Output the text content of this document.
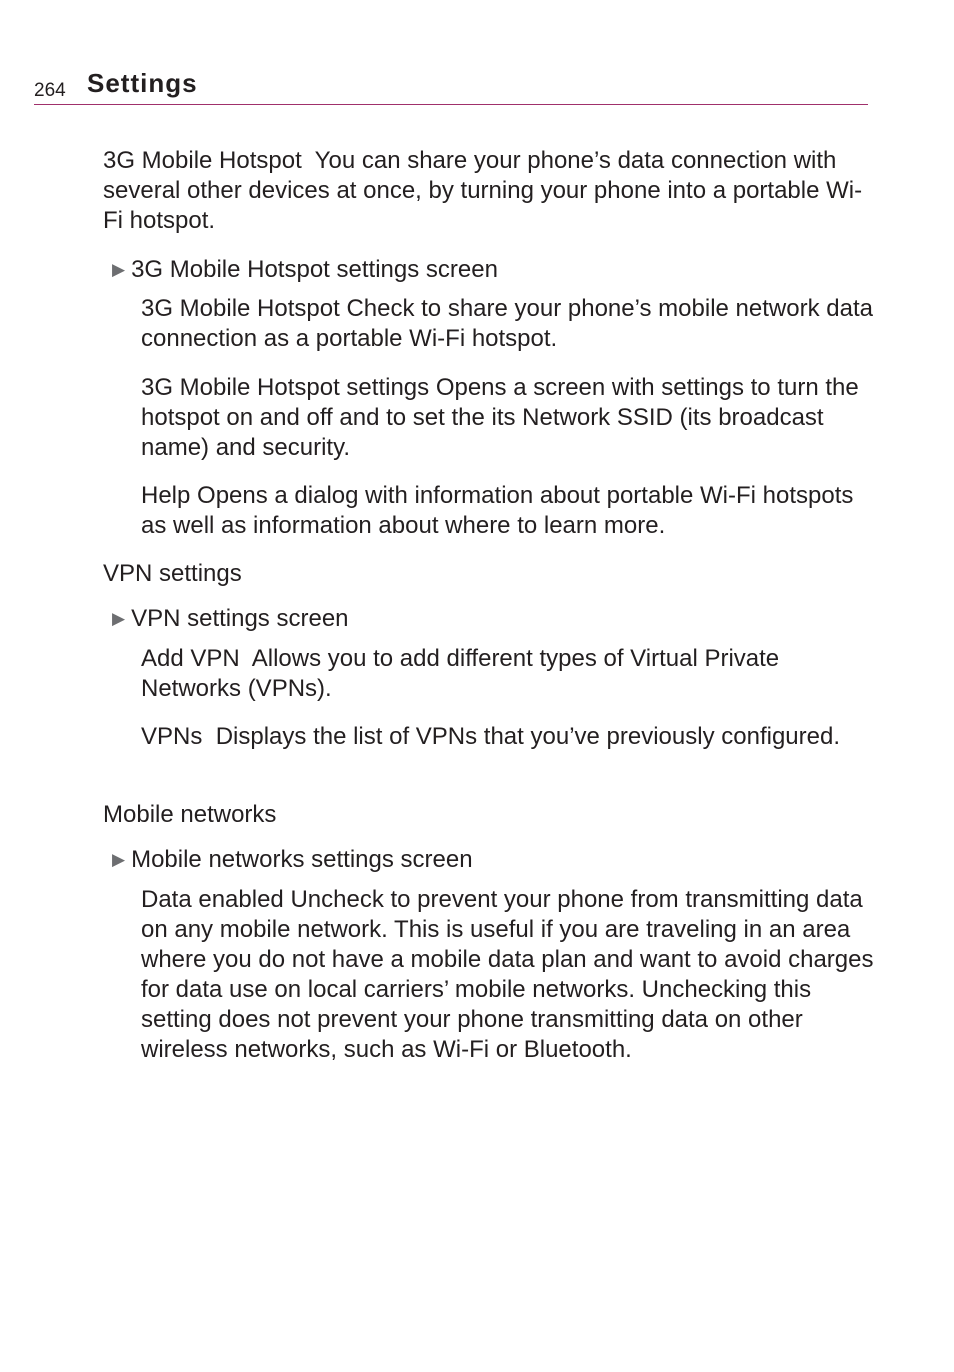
264 Settings

3G Mobile Hotspot You can share your phone’s data connection with several other devices at once, by turning your phone into a portable Wi-Fi hotspot.

▶ 3G Mobile Hotspot settings screen

3G Mobile Hotspot Check to share your phone’s mobile network data connection as a portable Wi-Fi hotspot.

3G Mobile Hotspot settings Opens a screen with settings to turn the hotspot on and off and to set the its Network SSID (its broadcast name) and security.

Help Opens a dialog with information about portable Wi-Fi hotspots as well as information about where to learn more.

VPN settings
▶ VPN settings screen

Add VPN Allows you to add different types of Virtual Private Networks (VPNs).

VPNs Displays the list of VPNs that you’ve previously configured.

Mobile networks
▶ Mobile networks settings screen

Data enabled Uncheck to prevent your phone from transmitting data on any mobile network. This is useful if you are traveling in an area where you do not have a mobile data plan and want to avoid charges for data use on local carriers’ mobile networks. Unchecking this setting does not prevent your phone transmitting data on other wireless networks, such as Wi-Fi or Bluetooth.
